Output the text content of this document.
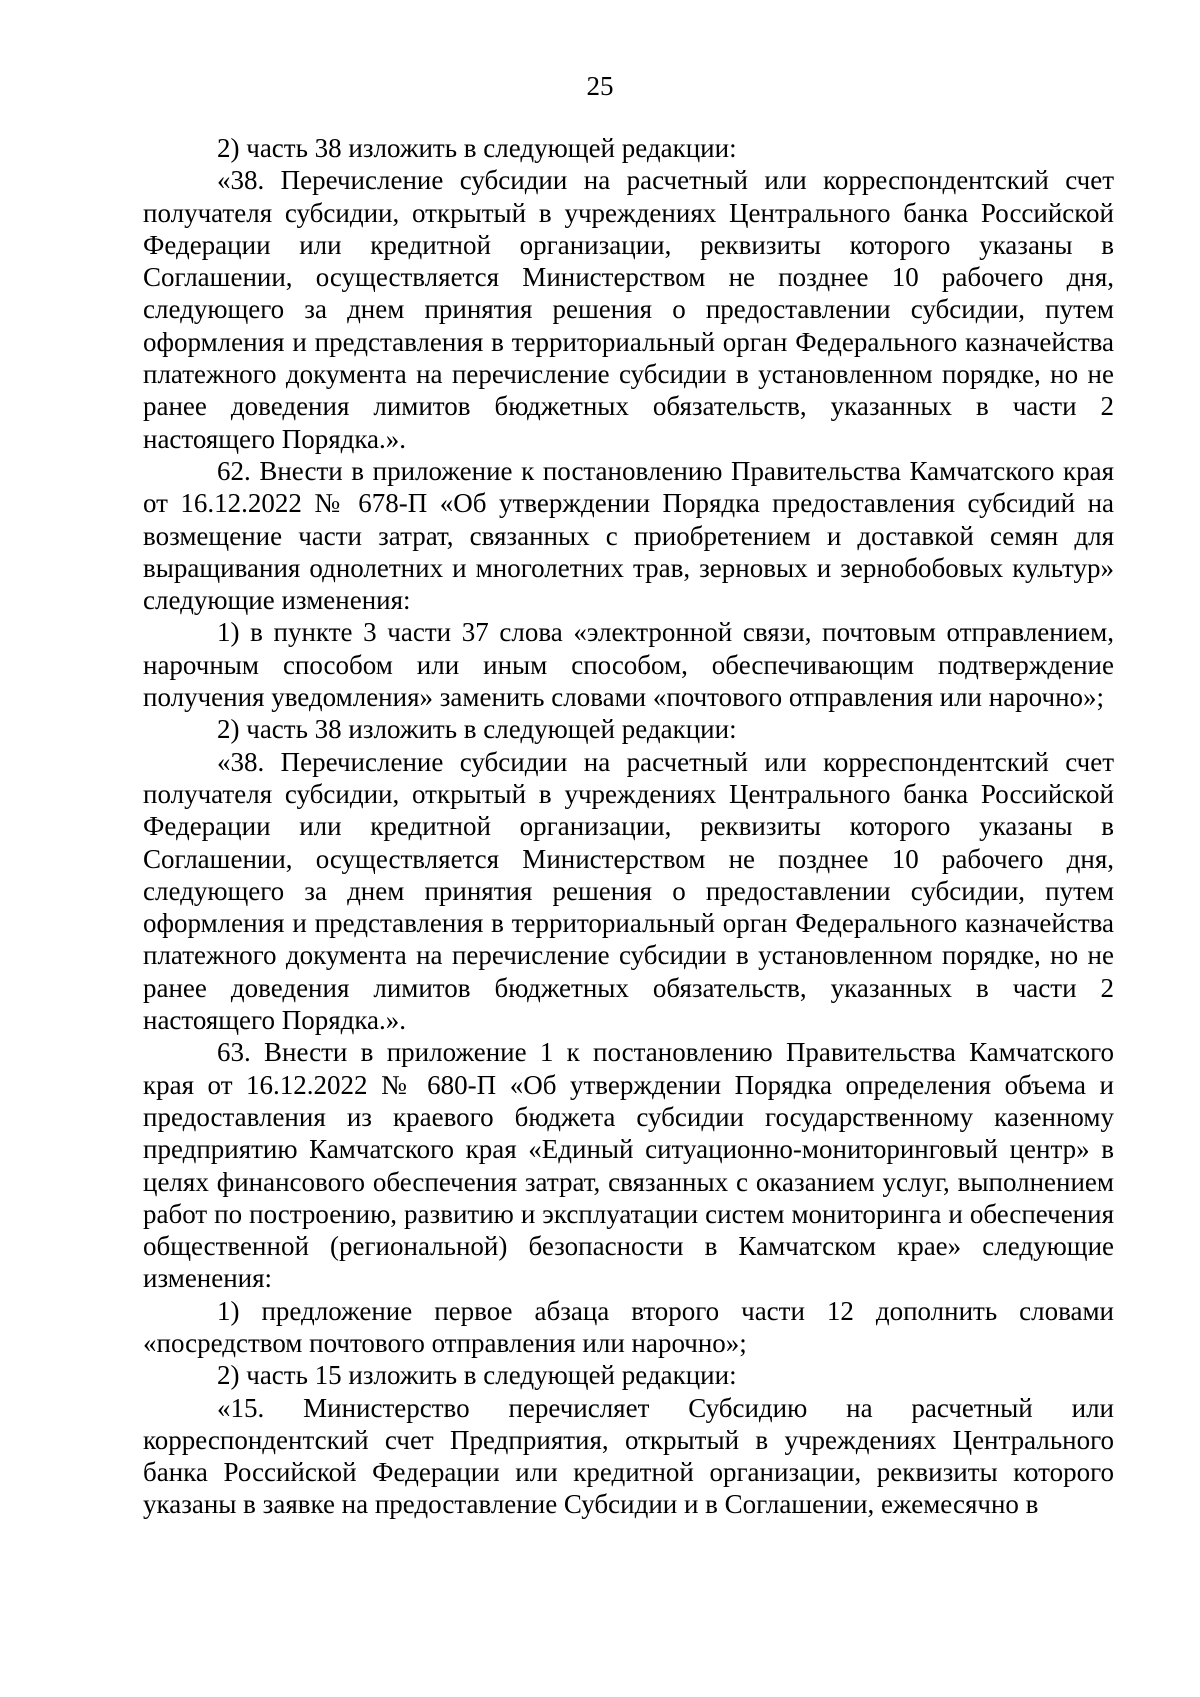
25

2) часть 38 изложить в следующей редакции:

«38. Перечисление субсидии на расчетный или корреспондентский счет получателя субсидии, открытый в учреждениях Центрального банка Российской Федерации или кредитной организации, реквизиты которого указаны в Соглашении, осуществляется Министерством не позднее 10 рабочего дня, следующего за днем принятия решения о предоставлении субсидии, путем оформления и представления в территориальный орган Федерального казначейства платежного документа на перечисление субсидии в установленном порядке, но не ранее доведения лимитов бюджетных обязательств, указанных в части 2 настоящего Порядка.».

62. Внести в приложение к постановлению Правительства Камчатского края от 16.12.2022 № 678-П «Об утверждении Порядка предоставления субсидий на возмещение части затрат, связанных с приобретением и доставкой семян для выращивания однолетних и многолетних трав, зерновых и зернобобовых культур» следующие изменения:

1) в пункте 3 части 37 слова «электронной связи, почтовым отправлением, нарочным способом или иным способом, обеспечивающим подтверждение получения уведомления» заменить словами «почтового отправления или нарочно»;

2) часть 38 изложить в следующей редакции:

«38. Перечисление субсидии на расчетный или корреспондентский счет получателя субсидии, открытый в учреждениях Центрального банка Российской Федерации или кредитной организации, реквизиты которого указаны в Соглашении, осуществляется Министерством не позднее 10 рабочего дня, следующего за днем принятия решения о предоставлении субсидии, путем оформления и представления в территориальный орган Федерального казначейства платежного документа на перечисление субсидии в установленном порядке, но не ранее доведения лимитов бюджетных обязательств, указанных в части 2 настоящего Порядка.».

63. Внести в приложение 1 к постановлению Правительства Камчатского края от 16.12.2022 № 680-П «Об утверждении Порядка определения объема и предоставления из краевого бюджета субсидии государственному казенному предприятию Камчатского края «Единый ситуационно-мониторинговый центр» в целях финансового обеспечения затрат, связанных с оказанием услуг, выполнением работ по построению, развитию и эксплуатации систем мониторинга и обеспечения общественной (региональной) безопасности в Камчатском крае» следующие изменения:

1) предложение первое абзаца второго части 12 дополнить словами «посредством почтового отправления или нарочно»;

2) часть 15 изложить в следующей редакции:

«15. Министерство перечисляет Субсидию на расчетный или корреспондентский счет Предприятия, открытый в учреждениях Центрального банка Российской Федерации или кредитной организации, реквизиты которого указаны в заявке на предоставление Субсидии и в Соглашении, ежемесячно в
